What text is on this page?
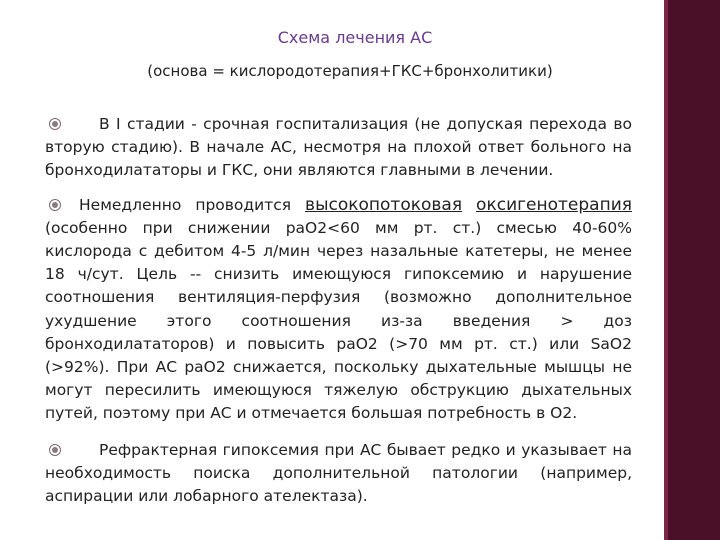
Схема лечения АС
(основа = кислородотерапия+ГКС+бронхолитики)

В I стадии - срочная госпитализация (не допуская перехода во вторую стадию). В начале АС, несмотря на плохой ответ больного на бронходилататоры и ГКС, они являются главными в лечении.

Немедленно проводится высокопотоковая оксигенотерапия (особенно при снижении раО2<60 мм рт. ст.) смесью 40-60% кислорода с дебитом 4-5 л/мин через назальные катетеры, не менее 18 ч/сут. Цель -- снизить имеющуюся гипоксемию и нарушение соотношения вентиляция-перфузия (возможно дополнительное ухудшение этого соотношения из-за введения > доз бронходилататоров) и повысить раО2 (>70 мм рт. ст.) или SaO2 (>92%). При АС раО2 снижается, поскольку дыхательные мышцы не могут пересилить имеющуюся тяжелую обструкцию дыхательных путей, поэтому при АС и отмечается большая потребность в О2.

Рефрактерная гипоксемия при АС бывает редко и указывает на необходимость поиска дополнительной патологии (например, аспирации или лобарного ателектаза).
